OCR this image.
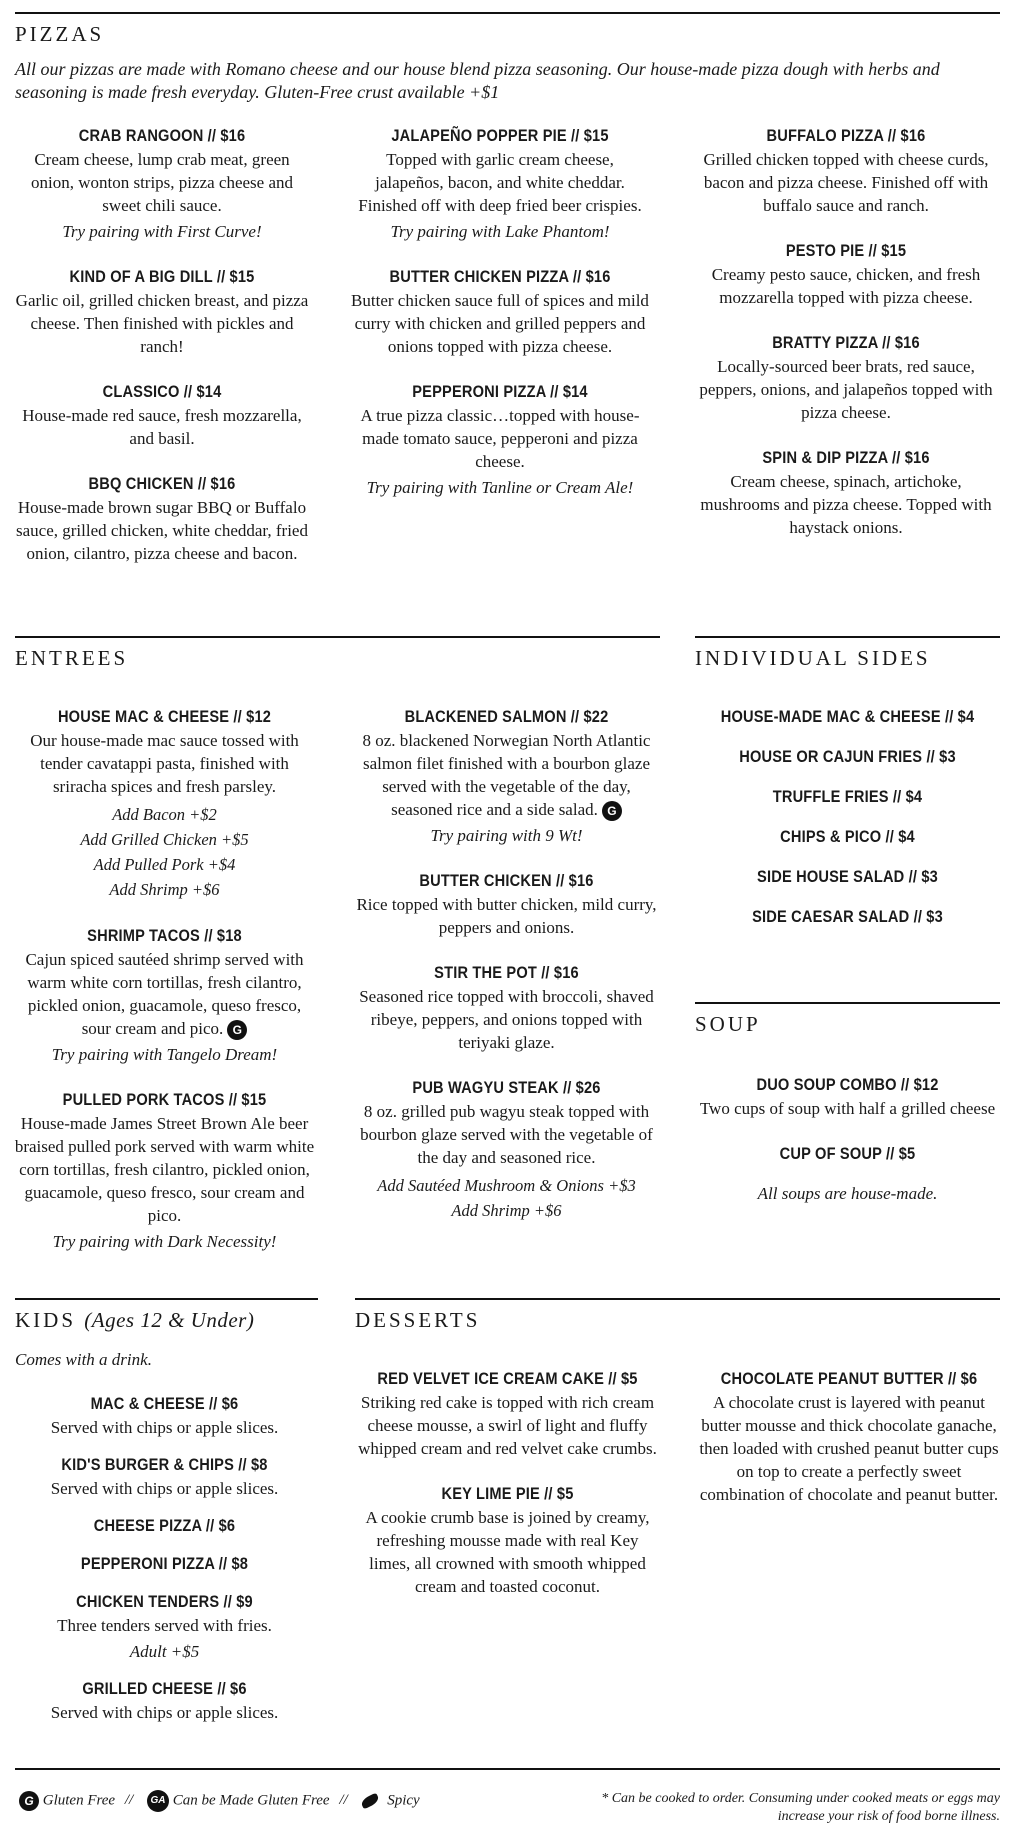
PIZZAS
All our pizzas are made with Romano cheese and our house blend pizza seasoning. Our house-made pizza dough with herbs and seasoning is made fresh everyday. Gluten-Free crust available +$1
CRAB RANGOON // $16
Cream cheese, lump crab meat, green onion, wonton strips, pizza cheese and sweet chili sauce.
Try pairing with First Curve!
KIND OF A BIG DILL // $15
Garlic oil, grilled chicken breast, and pizza cheese. Then finished with pickles and ranch!
CLASSICO // $14
House-made red sauce, fresh mozzarella, and basil.
BBQ CHICKEN // $16
House-made brown sugar BBQ or Buffalo sauce, grilled chicken, white cheddar, fried onion, cilantro, pizza cheese and bacon.
JALAPEÑO POPPER PIE // $15
Topped with garlic cream cheese, jalapeños, bacon, and white cheddar. Finished off with deep fried beer crispies.
Try pairing with Lake Phantom!
BUTTER CHICKEN PIZZA // $16
Butter chicken sauce full of spices and mild curry with chicken and grilled peppers and onions topped with pizza cheese.
PEPPERONI PIZZA // $14
A true pizza classic…topped with house-made tomato sauce, pepperoni and pizza cheese.
Try pairing with Tanline or Cream Ale!
BUFFALO PIZZA // $16
Grilled chicken topped with cheese curds, bacon and pizza cheese. Finished off with buffalo sauce and ranch.
PESTO PIE // $15
Creamy pesto sauce, chicken, and fresh mozzarella topped with pizza cheese.
BRATTY PIZZA // $16
Locally-sourced beer brats, red sauce, peppers, onions, and jalapeños topped with pizza cheese.
SPIN & DIP PIZZA // $16
Cream cheese, spinach, artichoke, mushrooms and pizza cheese. Topped with haystack onions.
ENTREES
HOUSE MAC & CHEESE // $12
Our house-made mac sauce tossed with tender cavatappi pasta, finished with sriracha spices and fresh parsley.
Add Bacon +$2
Add Grilled Chicken +$5
Add Pulled Pork +$4
Add Shrimp +$6
SHRIMP TACOS // $18
Cajun spiced sautéed shrimp served with warm white corn tortillas, fresh cilantro, pickled onion, guacamole, queso fresco, sour cream and pico. G
Try pairing with Tangelo Dream!
PULLED PORK TACOS // $15
House-made James Street Brown Ale beer braised pulled pork served with warm white corn tortillas, fresh cilantro, pickled onion, guacamole, queso fresco, sour cream and pico.
Try pairing with Dark Necessity!
BLACKENED SALMON // $22
8 oz. blackened Norwegian North Atlantic salmon filet finished with a bourbon glaze served with the vegetable of the day, seasoned rice and a side salad. G
Try pairing with 9 Wt!
BUTTER CHICKEN // $16
Rice topped with butter chicken, mild curry, peppers and onions.
STIR THE POT // $16
Seasoned rice topped with broccoli, shaved ribeye, peppers, and onions topped with teriyaki glaze.
PUB WAGYU STEAK // $26
8 oz. grilled pub wagyu steak topped with bourbon glaze served with the vegetable of the day and seasoned rice.
Add Sautéed Mushroom & Onions +$3
Add Shrimp +$6
INDIVIDUAL SIDES
HOUSE-MADE MAC & CHEESE // $4
HOUSE OR CAJUN FRIES // $3
TRUFFLE FRIES // $4
CHIPS & PICO // $4
SIDE HOUSE SALAD // $3
SIDE CAESAR SALAD // $3
SOUP
DUO SOUP COMBO // $12
Two cups of soup with half a grilled cheese
CUP OF SOUP // $5
All soups are house-made.
KIDS (Ages 12 & Under)
Comes with a drink.
MAC & CHEESE // $6
Served with chips or apple slices.
KID'S BURGER & CHIPS // $8
Served with chips or apple slices.
CHEESE PIZZA // $6
PEPPERONI PIZZA // $8
CHICKEN TENDERS // $9
Three tenders served with fries.
Adult +$5
GRILLED CHEESE // $6
Served with chips or apple slices.
DESSERTS
RED VELVET ICE CREAM CAKE // $5
Striking red cake is topped with rich cream cheese mousse, a swirl of light and fluffy whipped cream and red velvet cake crumbs.
KEY LIME PIE // $5
A cookie crumb base is joined by creamy, refreshing mousse made with real Key limes, all crowned with smooth whipped cream and toasted coconut.
CHOCOLATE PEANUT BUTTER // $6
A chocolate crust is layered with peanut butter mousse and thick chocolate ganache, then loaded with crushed peanut butter cups on top to create a perfectly sweet combination of chocolate and peanut butter.
G Gluten Free // GA Can be Made Gluten Free //	Spicy	* Can be cooked to order. Consuming under cooked meats or eggs may increase your risk of food borne illness.
